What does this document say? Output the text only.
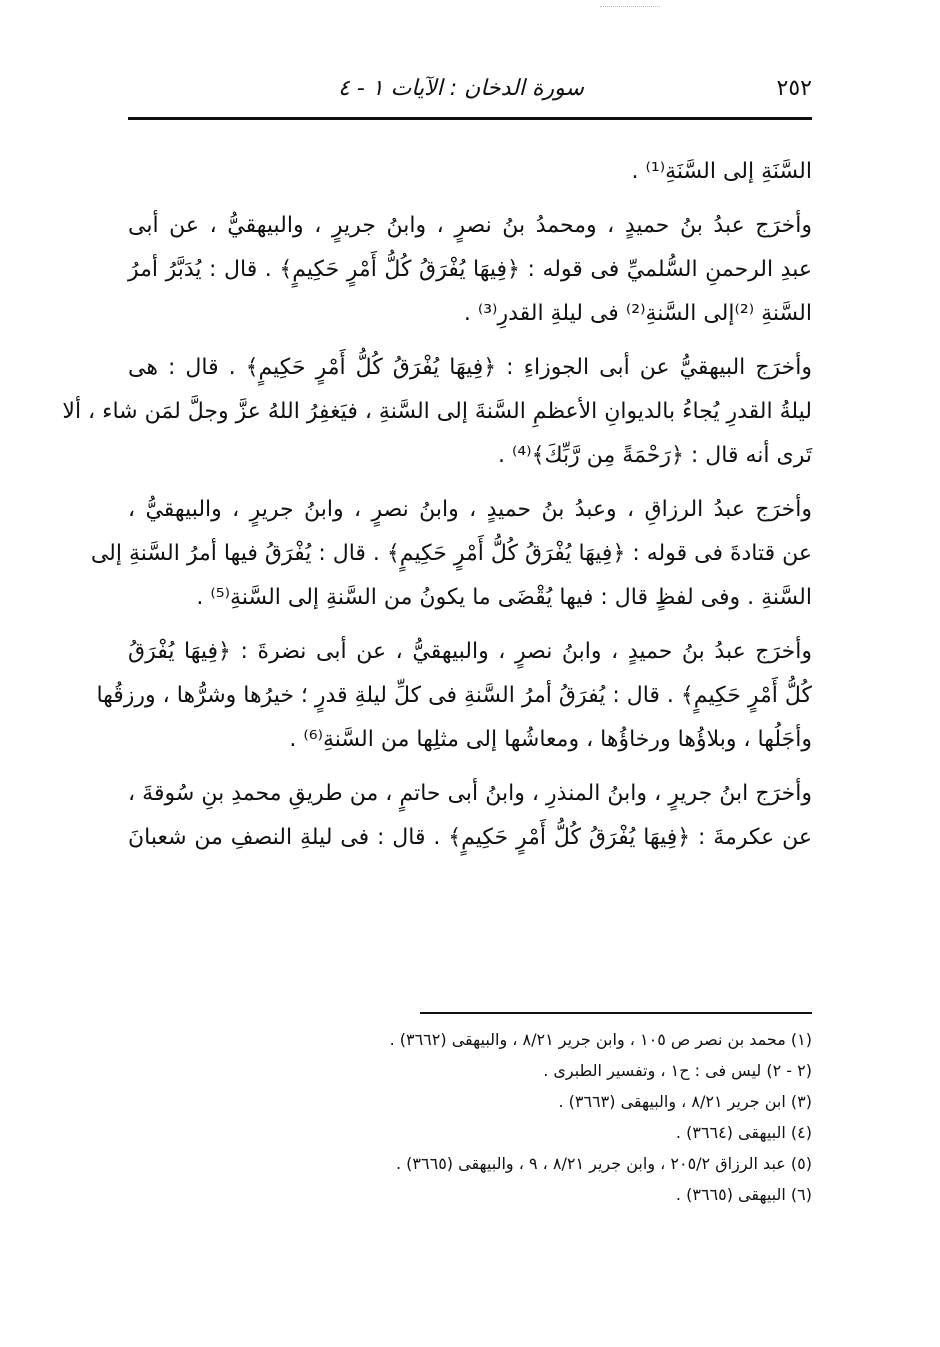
٢٥٢
سورة الدخان : الآيات ١ - ٤

السَّنَةِ إلى السَّنَةِ⁽¹⁾ .

وأخرَج عبدُ بنُ حميدٍ ، ومحمدُ بنُ نصرٍ ، وابنُ جريرٍ ، والبيهقيُّ ، عن أبى
عبدِ الرحمنِ السُّلميِّ فى قوله : ﴿فِيهَا يُفْرَقُ كُلُّ أَمْرٍ حَكِيمٍ﴾ . قال : يُدَبَّرُ أمرُ
السَّنةِ ⁽²⁾إلى السَّنةِ⁽²⁾ فى ليلةِ القدرِ⁽³⁾ .

وأخرَج البيهقيُّ عن أبى الجوزاءِ : ﴿فِيهَا يُفْرَقُ كُلُّ أَمْرٍ حَكِيمٍ﴾ . قال : هى
ليلةُ القدرِ يُجاءُ بالديوانِ الأعظمِ السَّنةَ إلى السَّنةِ ، فيَغفِرُ اللهُ عزَّ وجلَّ لمَن شاء ، ألا
تَرى أنه قال : ﴿رَحْمَةً مِن رَّبِّكَ﴾⁽⁴⁾ .

وأخرَج عبدُ الرزاقِ ، وعبدُ بنُ حميدٍ ، وابنُ نصرٍ ، وابنُ جريرٍ ، والبيهقيُّ ،
عن قتادةَ فى قوله : ﴿فِيهَا يُفْرَقُ كُلُّ أَمْرٍ حَكِيمٍ﴾ . قال : يُفْرَقُ فيها أمرُ السَّنةِ إلى
السَّنةِ . وفى لفظٍ قال : فيها يُقْضَى ما يكونُ من السَّنةِ إلى السَّنةِ⁽⁵⁾ .

وأخرَج عبدُ بنُ حميدٍ ، وابنُ نصرٍ ، والبيهقيُّ ، عن أبى نضرةَ : ﴿فِيهَا يُفْرَقُ
كُلُّ أَمْرٍ حَكِيمٍ﴾ . قال : يُفرَقُ أمرُ السَّنةِ فى كلِّ ليلةِ قدرٍ ؛ خيرُها وشرُّها ، ورزقُها
وأجَلُها ، وبلاؤُها ورخاؤُها ، ومعاشُها إلى مثلِها من السَّنةِ⁽⁶⁾ .

وأخرَج ابنُ جريرٍ ، وابنُ المنذرِ ، وابنُ أبى حاتمٍ ، من طريقِ محمدِ بنِ سُوقةَ ،
عن عكرمةَ : ﴿فِيهَا يُفْرَقُ كُلُّ أَمْرٍ حَكِيمٍ﴾ . قال : فى ليلةِ النصفِ من شعبانَ

(١) محمد بن نصر ص ١٠٥ ، وابن جرير ٨/٢١ ، والبيهقى (٣٦٦٢) .
(٢ - ٢) ليس فى : ح١ ، وتفسير الطبرى .
(٣) ابن جرير ٨/٢١ ، والبيهقى (٣٦٦٣) .
(٤) البيهقى (٣٦٦٤) .
(٥) عبد الرزاق ٢٠٥/٢ ، وابن جرير ٨/٢١ ، ٩ ، والبيهقى (٣٦٦٥) .
(٦) البيهقى (٣٦٦٥) .
